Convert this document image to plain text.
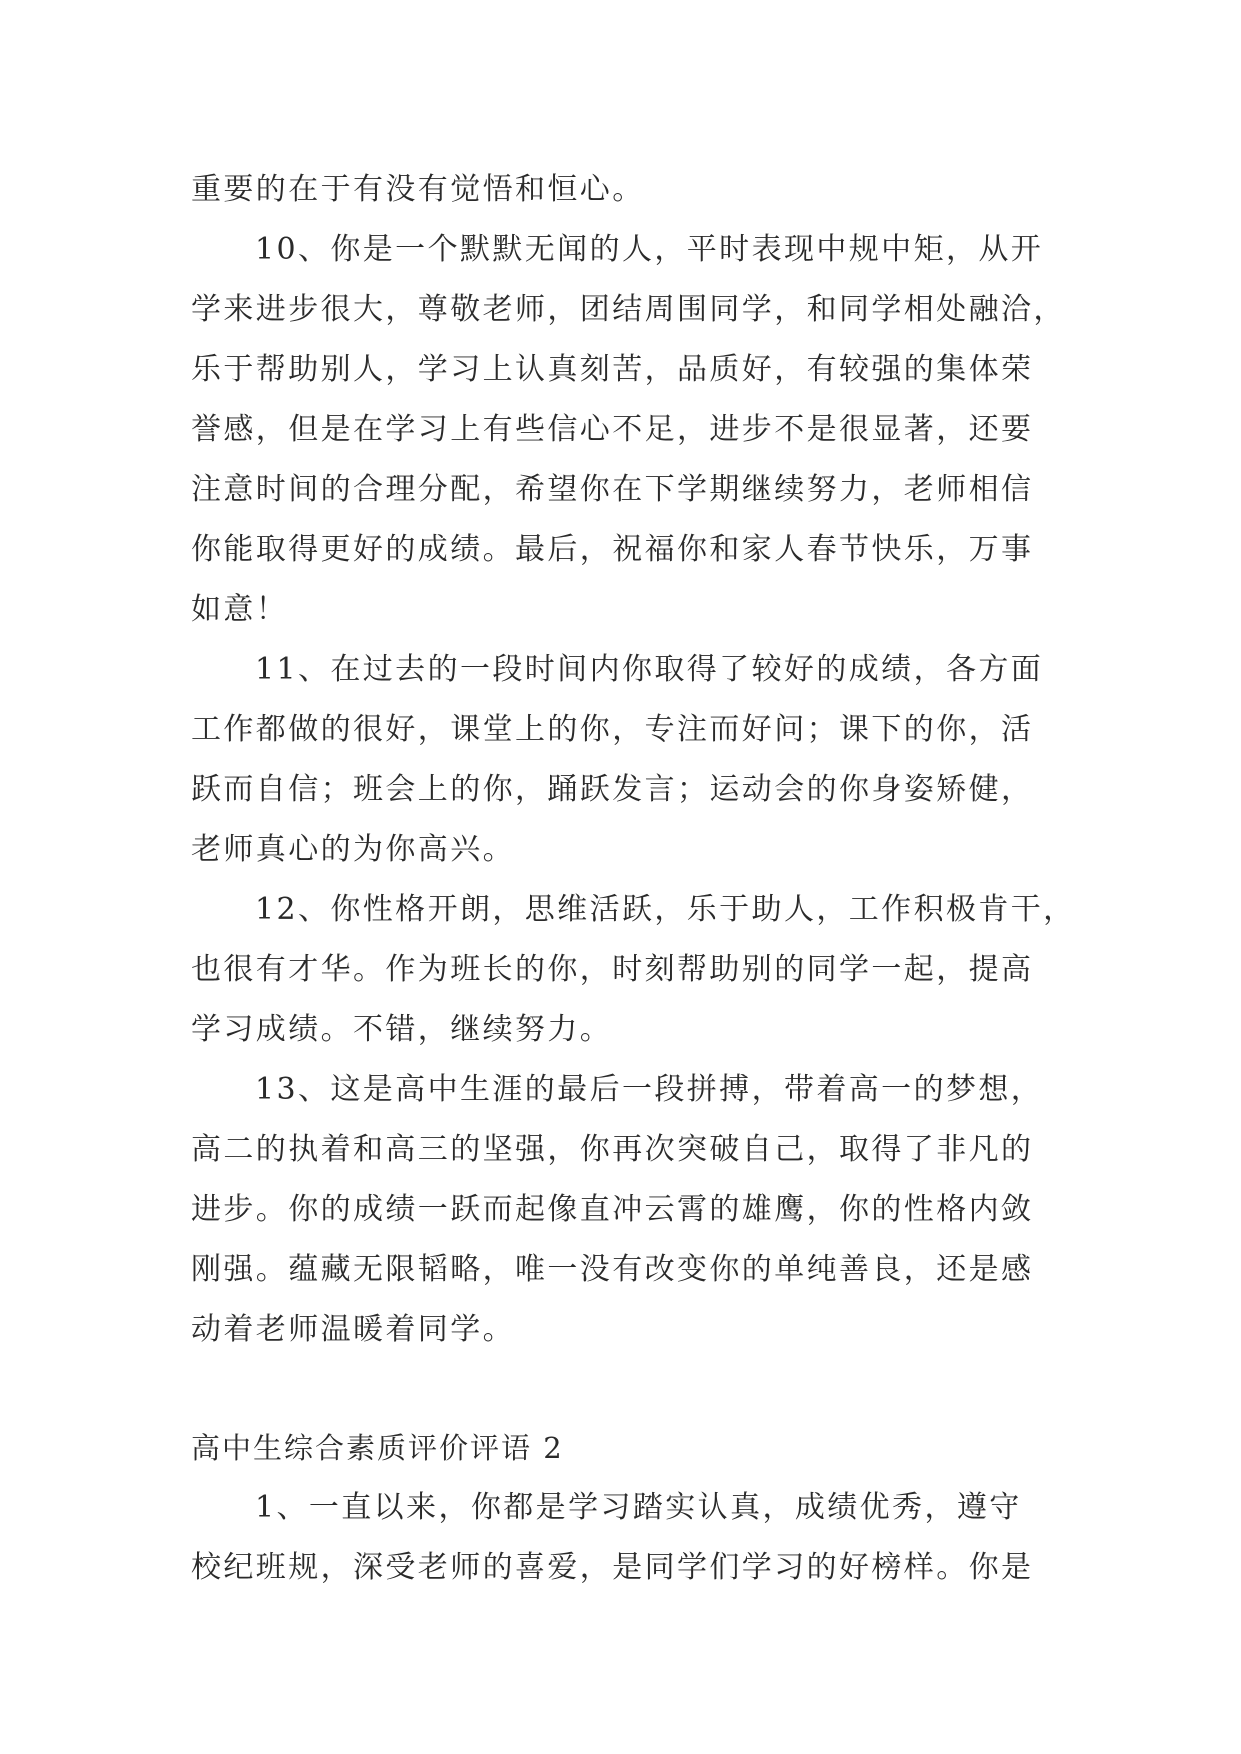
重要的在于有没有觉悟和恒心。
10、你是一个默默无闻的人，平时表现中规中矩，从开
学来进步很大，尊敬老师，团结周围同学，和同学相处融洽，
乐于帮助别人，学习上认真刻苦，品质好，有较强的集体荣
誉感，但是在学习上有些信心不足，进步不是很显著，还要
注意时间的合理分配，希望你在下学期继续努力，老师相信
你能取得更好的成绩。最后，祝福你和家人春节快乐，万事
如意！
11、在过去的一段时间内你取得了较好的成绩，各方面
工作都做的很好，课堂上的你，专注而好问；课下的你，活
跃而自信；班会上的你，踊跃发言；运动会的你身姿矫健，
老师真心的为你高兴。
12、你性格开朗，思维活跃，乐于助人，工作积极肯干，
也很有才华。作为班长的你，时刻帮助别的同学一起，提高
学习成绩。不错，继续努力。
13、这是高中生涯的最后一段拼搏，带着高一的梦想，
高二的执着和高三的坚强，你再次突破自己，取得了非凡的
进步。你的成绩一跃而起像直冲云霄的雄鹰，你的性格内敛
刚强。蕴藏无限韬略，唯一没有改变你的单纯善良，还是感
动着老师温暖着同学。
高中生综合素质评价评语 2
1、一直以来，你都是学习踏实认真，成绩优秀，遵守
校纪班规，深受老师的喜爱，是同学们学习的好榜样。你是
